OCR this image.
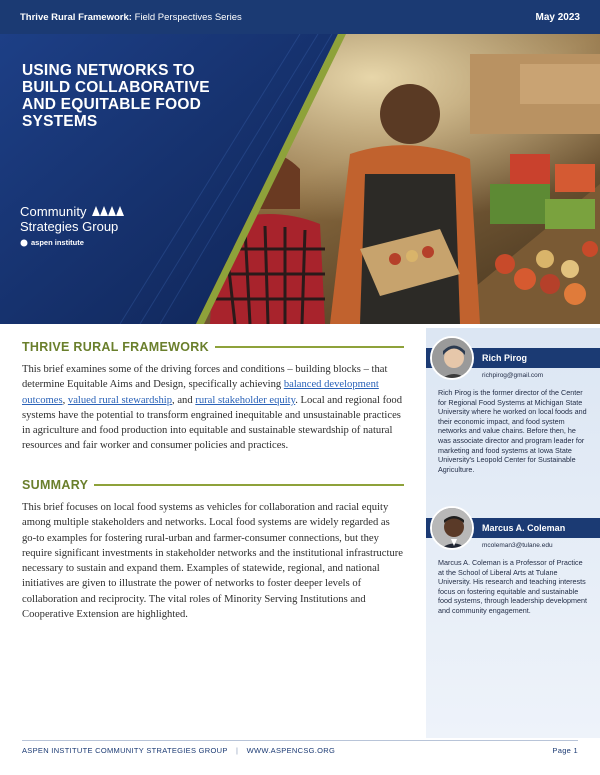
Thrive Rural Framework: Field Perspectives Series	May 2023
USING NETWORKS TO BUILD COLLABORATIVE AND EQUITABLE FOOD SYSTEMS
Community
Strategies Group
aspen institute
THRIVE RURAL FRAMEWORK

This brief examines some of the driving forces and conditions – building blocks – that determine Equitable Aims and Design, specifically achieving balanced development outcomes, valued rural stewardship, and rural stakeholder equity. Local and regional food systems have the potential to transform engrained inequitable and unsustainable practices in agriculture and food production into equitable and sustainable stewardship of natural resources and fair worker and consumer policies and practices.

SUMMARY

This brief focuses on local food systems as vehicles for collaboration and racial equity among multiple stakeholders and networks. Local food systems are widely regarded as go-to examples for fostering rural-urban and farmer-consumer connections, but they require significant investments in stakeholder networks and the institutional infrastructure necessary to sustain and expand them. Examples of statewide, regional, and national initiatives are given to illustrate the power of networks to foster deeper levels of collaboration and reciprocity. The vital roles of Minority Serving Institutions and Cooperative Extension are highlighted.

Rich Pirog
richpirog@gmail.com
Rich Pirog is the former director of the Center for Regional Food Systems at Michigan State University where he worked on local foods and their economic impact, and food system networks and value chains. Before then, he was associate director and program leader for marketing and food systems at Iowa State University's Leopold Center for Sustainable Agriculture.
Marcus A. Coleman
mcoleman3@tulane.edu
Marcus A. Coleman is a Professor of Practice at the School of Liberal Arts at Tulane University. His research and teaching interests focus on fostering equitable and sustainable food systems, through leadership development and community engagement.
ASPEN INSTITUTE COMMUNITY STRATEGIES GROUP | WWW.ASPENCSG.ORG	Page 1
